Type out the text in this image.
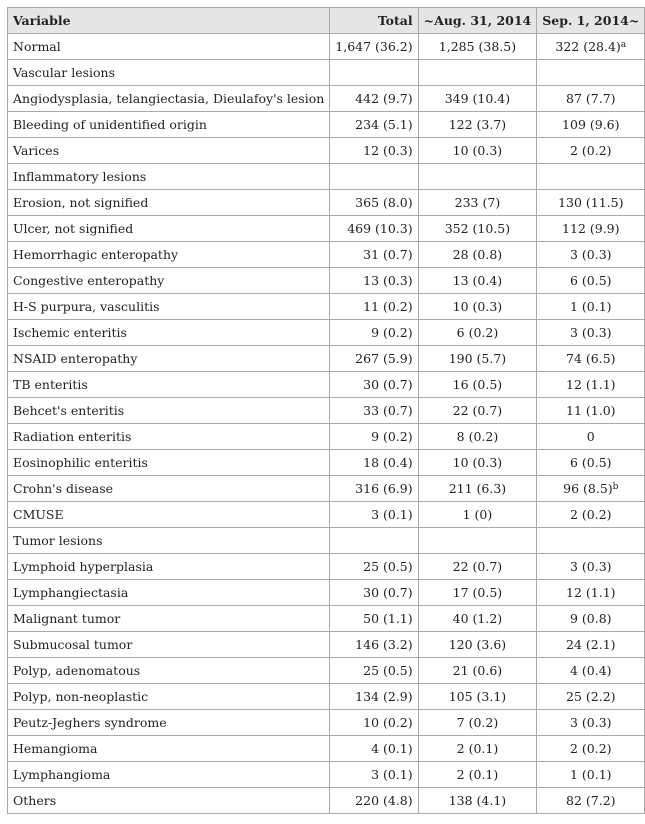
Variable	Total	~Aug. 31, 2014	Sep. 1, 2014~
Normal	1,647 (36.2)	1,285 (38.5)	322 $(28.4)^a$
Vascular lesions			
Angiodysplasia, telangiectasia, Dieulafoy's lesion	442 (9.7)	349 (10.4)	87 (7.7)
Bleeding of unidentified origin	234 (5.1)	122 (3.7)	109 (9.6)
Varices	12 (0.3)	10 (0.3)	2 (0.2)
Inflammatory lesions			
Erosion, not signified	365 (8.0)	233 (7)	130 (11.5)
Ulcer, not signified	469 (10.3)	352 (10.5)	112 (9.9)
Hemorrhagic enteropathy	31 (0.7)	28 (0.8)	3 (0.3)
Congestive enteropathy	13 (0.3)	13 (0.4)	6 (0.5)
H-S purpura, vasculitis	11 (0.2)	10 (0.3)	1 (0.1)
Ischemic enteritis	9 (0.2)	6 (0.2)	3 (0.3)
NSAID enteropathy	267 (5.9)	190 (5.7)	74 (6.5)
TB enteritis	30 (0.7)	16 (0.5)	12 (1.1)
Behcet's enteritis	33 (0.7)	22 (0.7)	11 (1.0)
Radiation enteritis	9 (0.2)	8 (0.2)	0
Eosinophilic enteritis	18 (0.4)	10 (0.3)	6 (0.5)
Crohn's disease	316 (6.9)	211 (6.3)	96 $(8.5)^b$
CMUSE	3 (0.1)	1 (0)	2 (0.2)
Tumor lesions			
Lymphoid hyperplasia	25 (0.5)	22 (0.7)	3 (0.3)
Lymphangiectasia	30 (0.7)	17 (0.5)	12 (1.1)
Malignant tumor	50 (1.1)	40 (1.2)	9 (0.8)
Submucosal tumor	146 (3.2)	120 (3.6)	24 (2.1)
Polyp, adenomatous	25 (0.5)	21 (0.6)	4 (0.4)
Polyp, non-neoplastic	134 (2.9)	105 (3.1)	25 (2.2)
Peutz-Jeghers syndrome	10 (0.2)	7 (0.2)	3 (0.3)
Hemangioma	4 (0.1)	2 (0.1)	2 (0.2)
Lymphangioma	3 (0.1)	2 (0.1)	1 (0.1)
Others	220 (4.8)	138 (4.1)	82 (7.2)
